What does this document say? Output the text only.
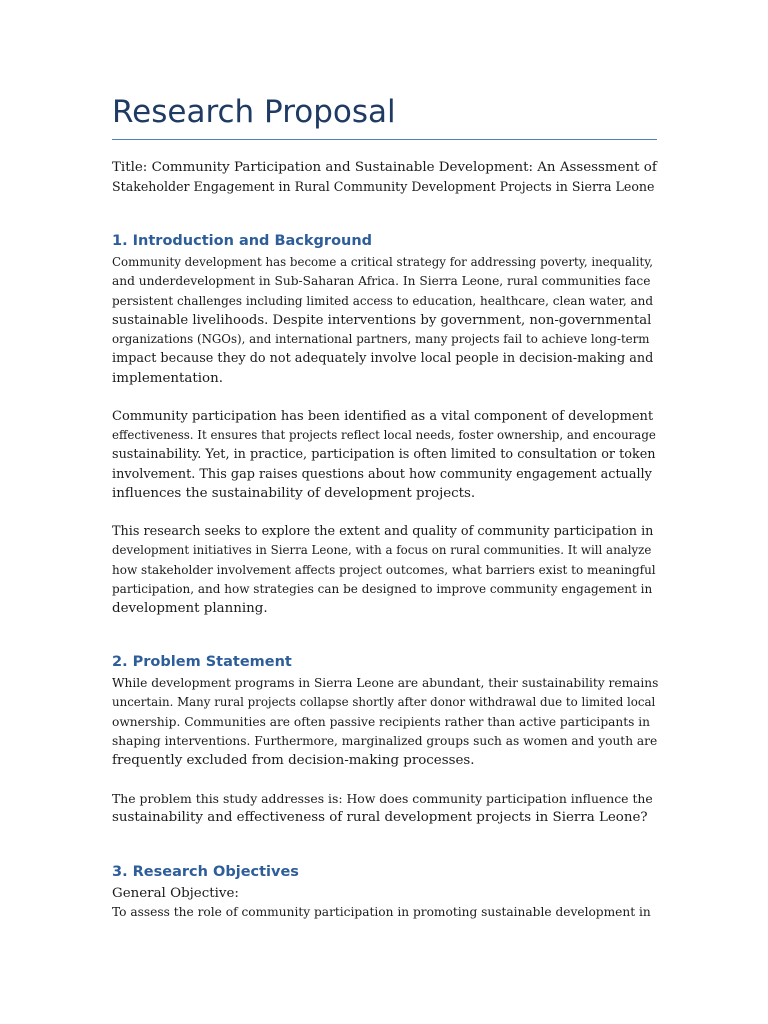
Research Proposal
Title: Community Participation and Sustainable Development: An Assessment of
Stakeholder Engagement in Rural Community Development Projects in Sierra Leone
1. Introduction and Background
Community development has become a critical strategy for addressing poverty, inequality,
and underdevelopment in Sub-Saharan Africa. In Sierra Leone, rural communities face
persistent challenges including limited access to education, healthcare, clean water, and
sustainable livelihoods. Despite interventions by government, non-governmental
organizations (NGOs), and international partners, many projects fail to achieve long-term
impact because they do not adequately involve local people in decision-making and
implementation.
Community participation has been identified as a vital component of development
effectiveness. It ensures that projects reflect local needs, foster ownership, and encourage
sustainability. Yet, in practice, participation is often limited to consultation or token
involvement. This gap raises questions about how community engagement actually
influences the sustainability of development projects.
This research seeks to explore the extent and quality of community participation in
development initiatives in Sierra Leone, with a focus on rural communities. It will analyze
how stakeholder involvement affects project outcomes, what barriers exist to meaningful
participation, and how strategies can be designed to improve community engagement in
development planning.
2. Problem Statement
While development programs in Sierra Leone are abundant, their sustainability remains
uncertain. Many rural projects collapse shortly after donor withdrawal due to limited local
ownership. Communities are often passive recipients rather than active participants in
shaping interventions. Furthermore, marginalized groups such as women and youth are
frequently excluded from decision-making processes.
The problem this study addresses is: How does community participation influence the
sustainability and effectiveness of rural development projects in Sierra Leone?
3. Research Objectives
General Objective:
To assess the role of community participation in promoting sustainable development in
